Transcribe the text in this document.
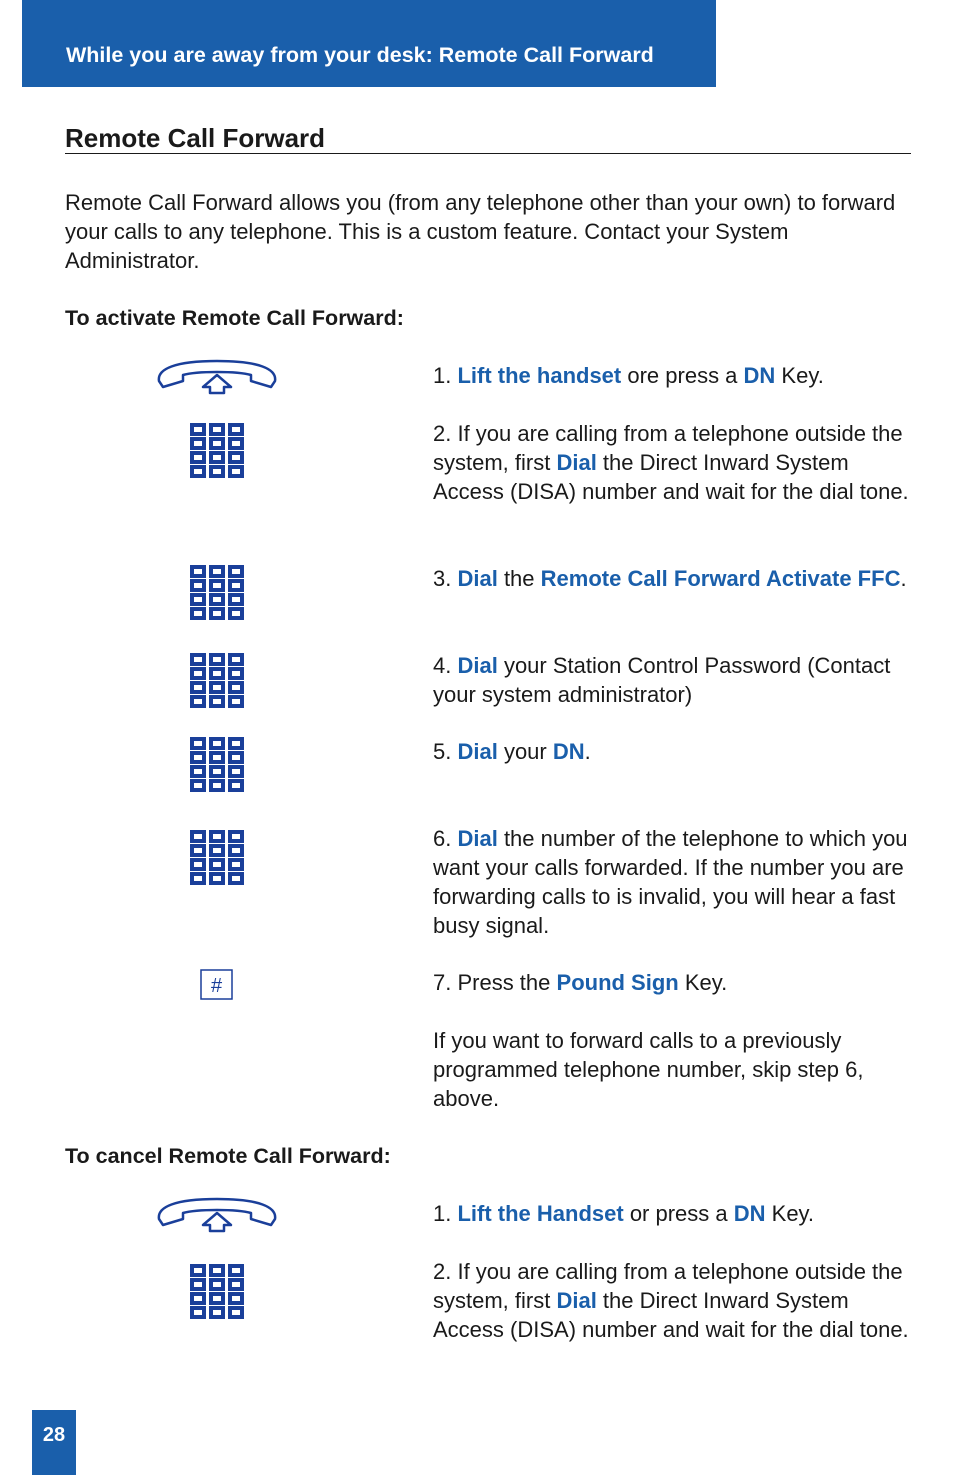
While you are away from your desk: Remote Call Forward
Remote Call Forward
Remote Call Forward allows you (from any telephone other than your own) to forward your calls to any telephone. This is a custom feature. Contact your System Administrator.
To activate Remote Call Forward:
1. Lift the handset ore press a DN Key.
2. If you are calling from a telephone outside the system, first Dial the Direct Inward System Access (DISA) number and wait for the dial tone.
3. Dial the Remote Call Forward Activate FFC.
4. Dial your Station Control Password (Contact your system administrator)
5. Dial your DN.
6. Dial the number of the telephone to which you want your calls forwarded. If the number you are forwarding calls to is invalid, you will hear a fast busy signal.
#	7. Press the Pound Sign Key.
If you want to forward calls to a previously programmed telephone number, skip step 6, above.
To cancel Remote Call Forward:
1. Lift the Handset or press a DN Key.
2. If you are calling from a telephone outside the system, first Dial the Direct Inward System Access (DISA) number and wait for the dial tone.
28
